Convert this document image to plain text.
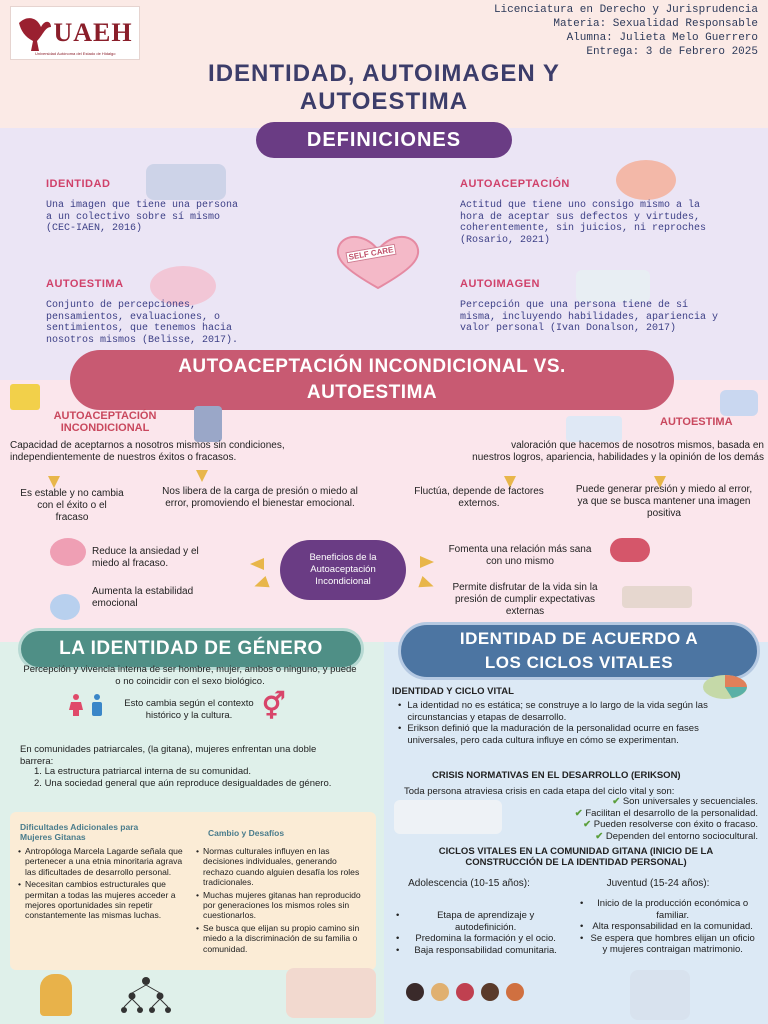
UAEH
Universidad Autónoma del Estado de Hidalgo
Licenciatura en Derecho y Jurisprudencia
Materia: Sexualidad Responsable
Alumna: Julieta Melo Guerrero
Entrega: 3 de Febrero 2025
IDENTIDAD, AUTOIMAGEN Y
AUTOESTIMA
DEFINICIONES
IDENTIDAD
Una imagen que tiene una persona a un colectivo sobre sí mismo (CEC-IAEN, 2016)
AUTOACEPTACIÓN
Actitud que tiene uno consigo mismo a la hora de aceptar sus defectos y virtudes, coherentemente, sin juicios, ni reproches (Rosario, 2021)
SELF CARE
AUTOESTIMA
Conjunto de percepciones, pensamientos, evaluaciones, o sentimientos, que tenemos hacia nosotros mismos (Belisse, 2017).
AUTOIMAGEN
Percepción que una persona tiene de sí misma, incluyendo habilidades, apariencia y valor personal (Ivan Donalson, 2017)
AUTOACEPTACIÓN INCONDICIONAL VS.
AUTOESTIMA
AUTOACEPTACIÓN INCONDICIONAL
Capacidad de aceptarnos a nosotros mismos sin condiciones, independientemente de nuestros éxitos o fracasos.
Es estable y no cambia con el éxito o el fracaso
Nos libera de la carga de presión o miedo al error, promoviendo el bienestar emocional.
AUTOESTIMA
valoración que hacemos de nosotros mismos, basada en nuestros logros, apariencia, habilidades y la opinión de los demás
Fluctúa, depende de factores externos.
Puede generar presión y miedo al error, ya que se busca mantener una imagen positiva
Beneficios de la Autoaceptación Incondicional
Reduce la ansiedad y el miedo al fracaso.
Aumenta la estabilidad emocional
Fomenta una relación más sana con uno mismo
Permite disfrutar de la vida sin la presión de cumplir expectativas externas
LA IDENTIDAD DE GÉNERO
Percepción y vivencia interna de ser hombre, mujer, ambos o ninguno, y puede o no coincidir con el sexo biológico.
Esto cambia según el contexto histórico y la cultura.	⚥
En comunidades patriarcales, (la gitana), mujeres enfrentan una doble barrera:
1. La estructura patriarcal interna de su comunidad.
2. Una sociedad general que aún reproduce desigualdades de género.
Dificultades Adicionales para Mujeres Gitanas
• Antropóloga Marcela Lagarde señala que pertenecer a una etnia minoritaria agrava las dificultades de desarrollo personal.
• Necesitan cambios estructurales que permitan a todas las mujeres acceder a mejores oportunidades sin repetir constantemente las mismas luchas.
Cambio y Desafíos
• Normas culturales influyen en las decisiones individuales, generando rechazo cuando alguien desafía los roles tradicionales.
• Muchas mujeres gitanas han reproducido por generaciones los mismos roles sin cuestionarlos.
• Se busca que elijan su propio camino sin miedo a la discriminación de su familia o comunidad.
IDENTIDAD DE ACUERDO A
LOS CICLOS VITALES
IDENTIDAD Y CICLO VITAL
• La identidad no es estática; se construye a lo largo de la vida según las circunstancias y etapas de desarrollo.
• Erikson definió que la maduración de la personalidad ocurre en fases universales, pero cada cultura influye en cómo se experimentan.
CRISIS NORMATIVAS EN EL DESARROLLO (ERIKSON)
Toda persona atraviesa crisis en cada etapa del ciclo vital y son:
✔ Son universales y secuenciales.
✔ Facilitan el desarrollo de la personalidad.
✔ Pueden resolverse con éxito o fracaso.
✔ Dependen del entorno sociocultural.
CICLOS VITALES EN LA COMUNIDAD GITANA (INICIO DE LA CONSTRUCCIÓN DE LA IDENTIDAD PERSONAL)
Adolescencia (10-15 años):
•	Etapa de aprendizaje y autodefinición.
•	Predomina la formación y el ocio.
•	Baja responsabilidad comunitaria.
Juventud (15-24 años):
•	Inicio de la producción económica o familiar.
• Alta responsabilidad en la comunidad.
• Se espera que hombres elijan un oficio y mujeres contraigan matrimonio.
